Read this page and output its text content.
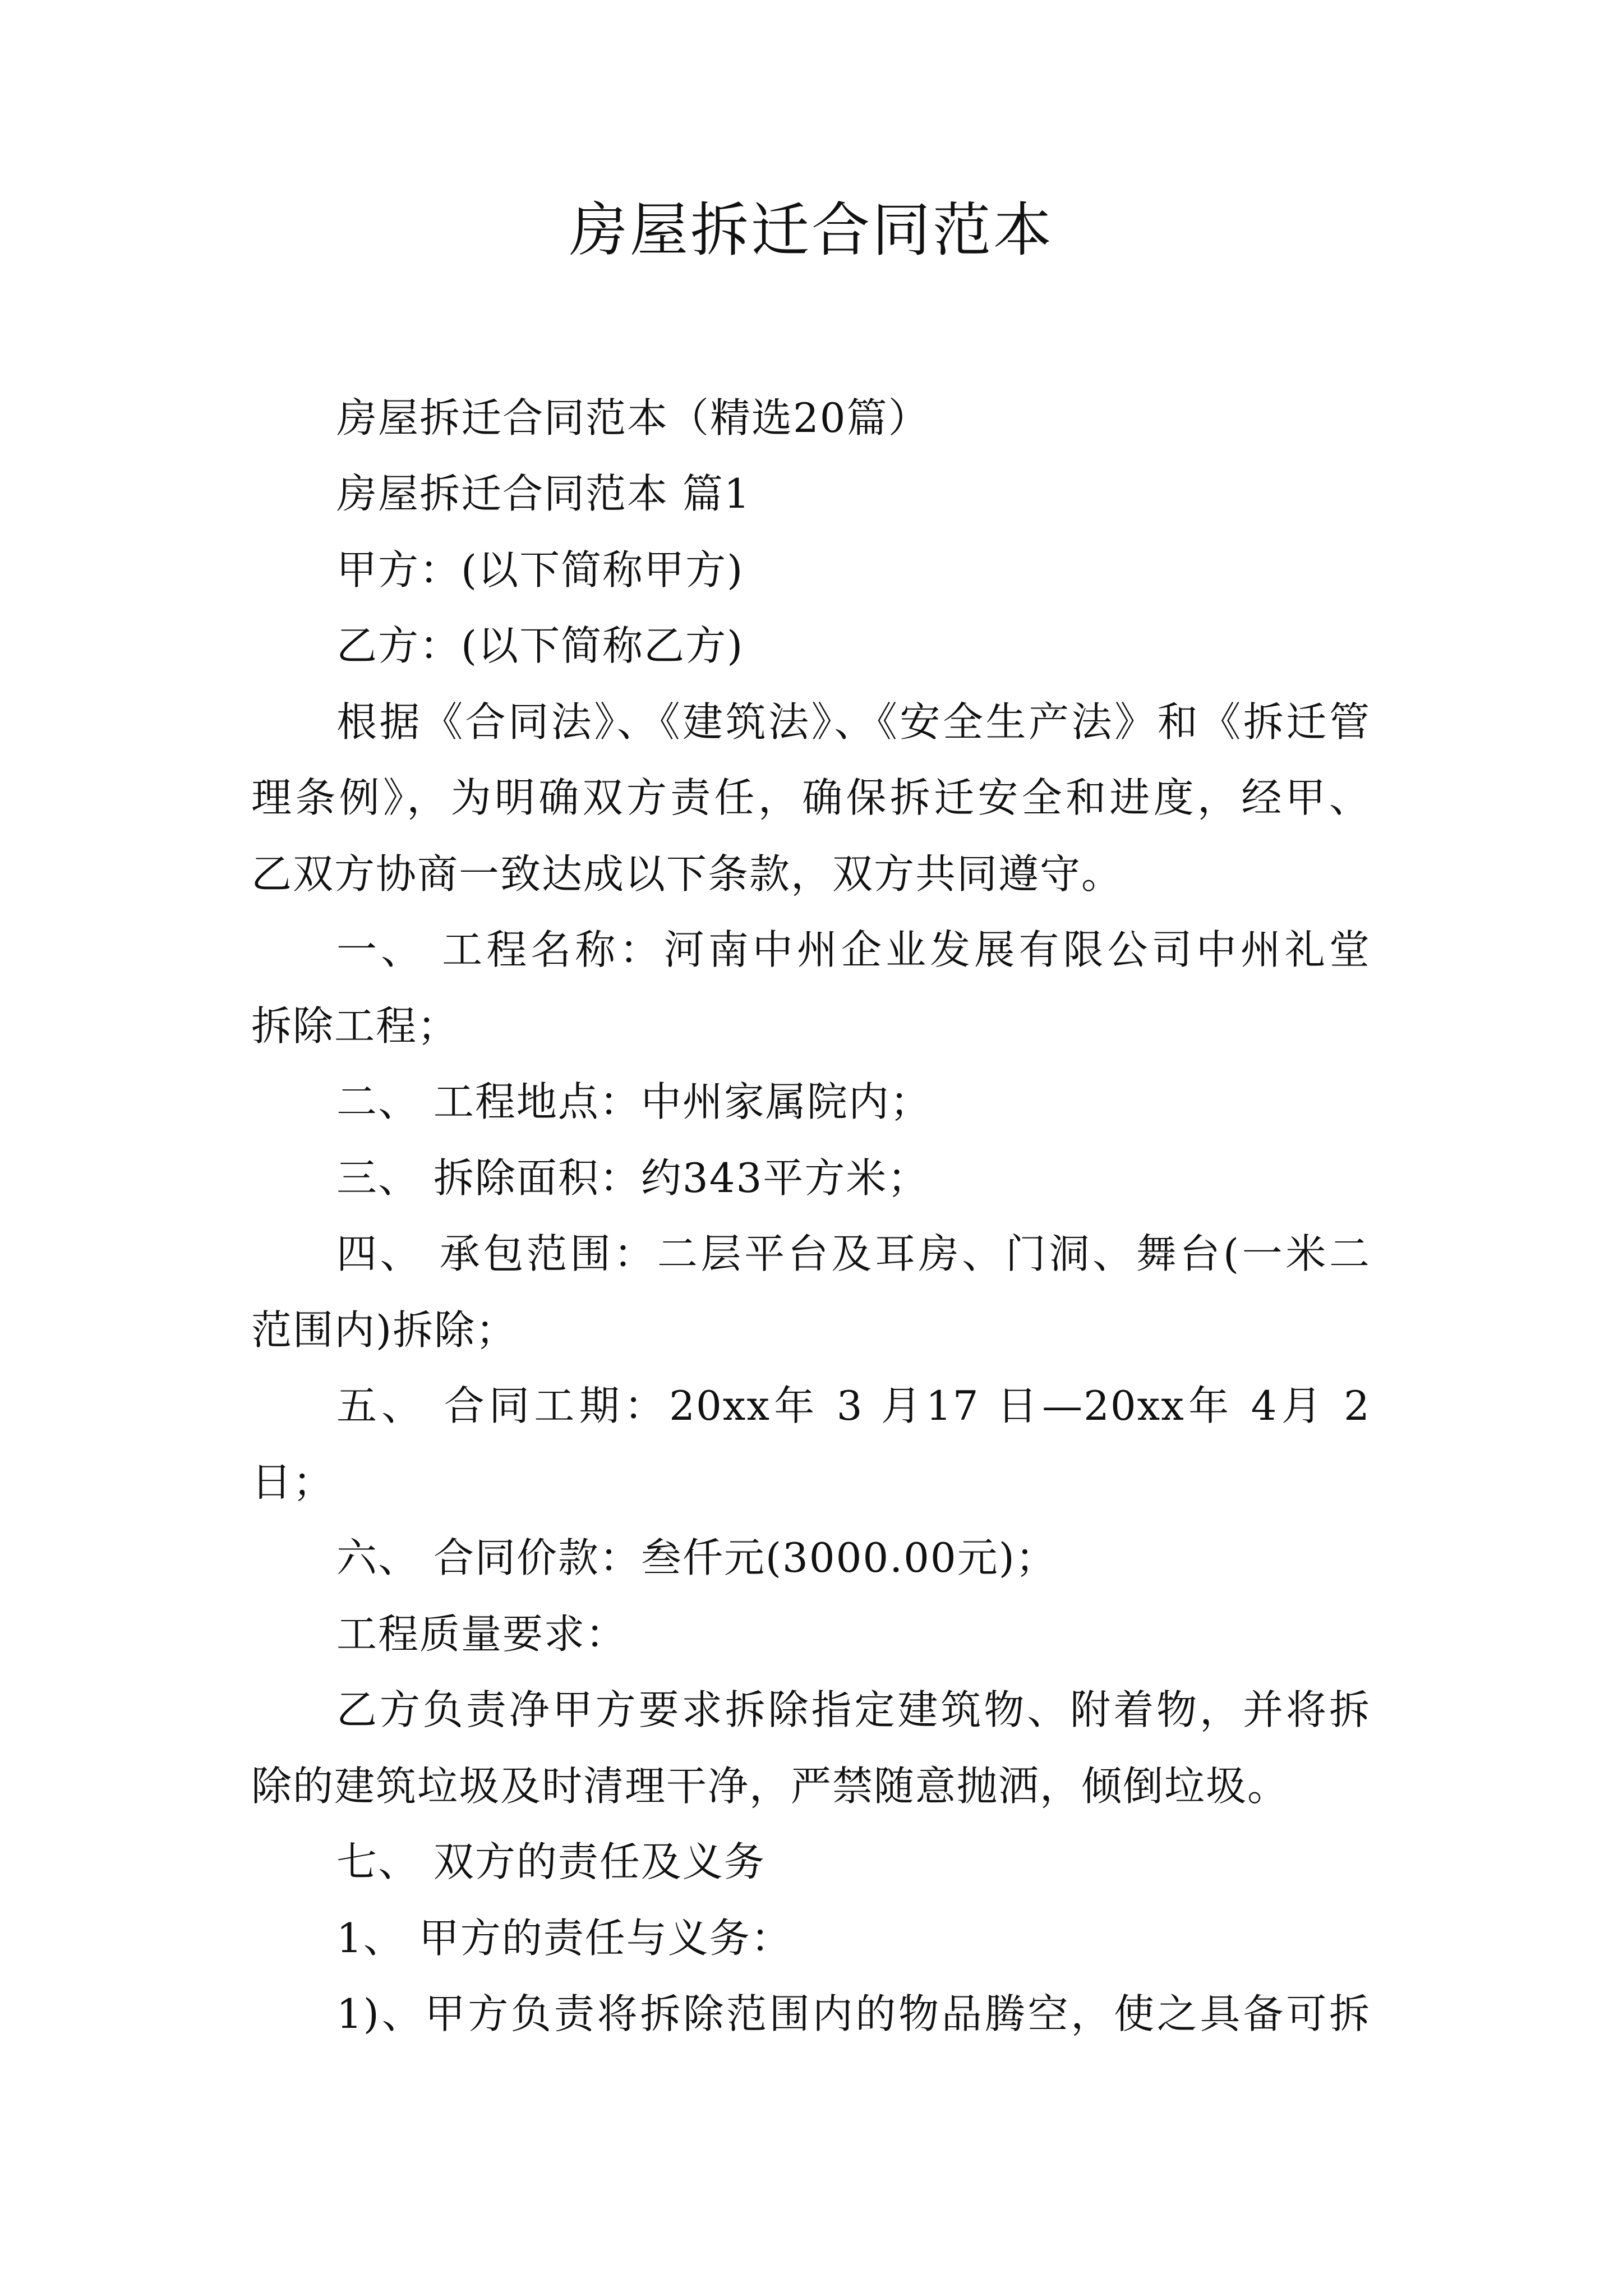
房屋拆迁合同范本
房屋拆迁合同范本（精选20篇）
房屋拆迁合同范本 篇1
甲方：(以下简称甲方)
乙方：(以下简称乙方)
根据《合同法》、《建筑法》、《安全生产法》和《拆迁管
理条例》，为明确双方责任，确保拆迁安全和进度，经甲、
乙双方协商一致达成以下条款，双方共同遵守。
一、 工程名称：河南中州企业发展有限公司中州礼堂
拆除工程；
二、 工程地点：中州家属院内；
三、 拆除面积：约343平方米；
四、 承包范围：二层平台及耳房、门洞、舞台(一米二
范围内)拆除；
五、 合同工期：20xx年 3 月17 日—20xx年 4月 2
日；
六、 合同价款：叁仟元(3000.00元)；
工程质量要求：
乙方负责净甲方要求拆除指定建筑物、附着物，并将拆
除的建筑垃圾及时清理干净，严禁随意抛洒，倾倒垃圾。
七、 双方的责任及义务
1、 甲方的责任与义务：
1)、甲方负责将拆除范围内的物品腾空，使之具备可拆
